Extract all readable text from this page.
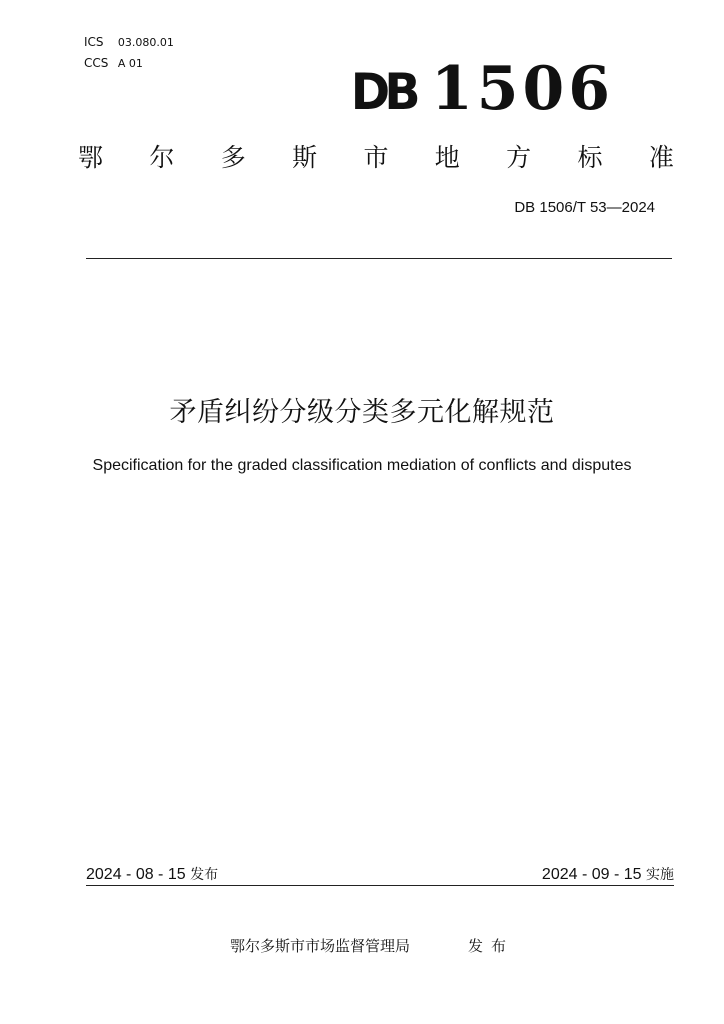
ICS 03.080.01
CCS A 01	DB 1506
鄂 尔 多 斯 市 地 方 标 准
DB 1506/T 53—2024
矛盾纠纷分级分类多元化解规范
Specification for the graded classification mediation of conflicts and disputes
2024 - 08 - 15 发布	2024 - 09 - 15 实施
鄂尔多斯市市场监督管理局	发布
